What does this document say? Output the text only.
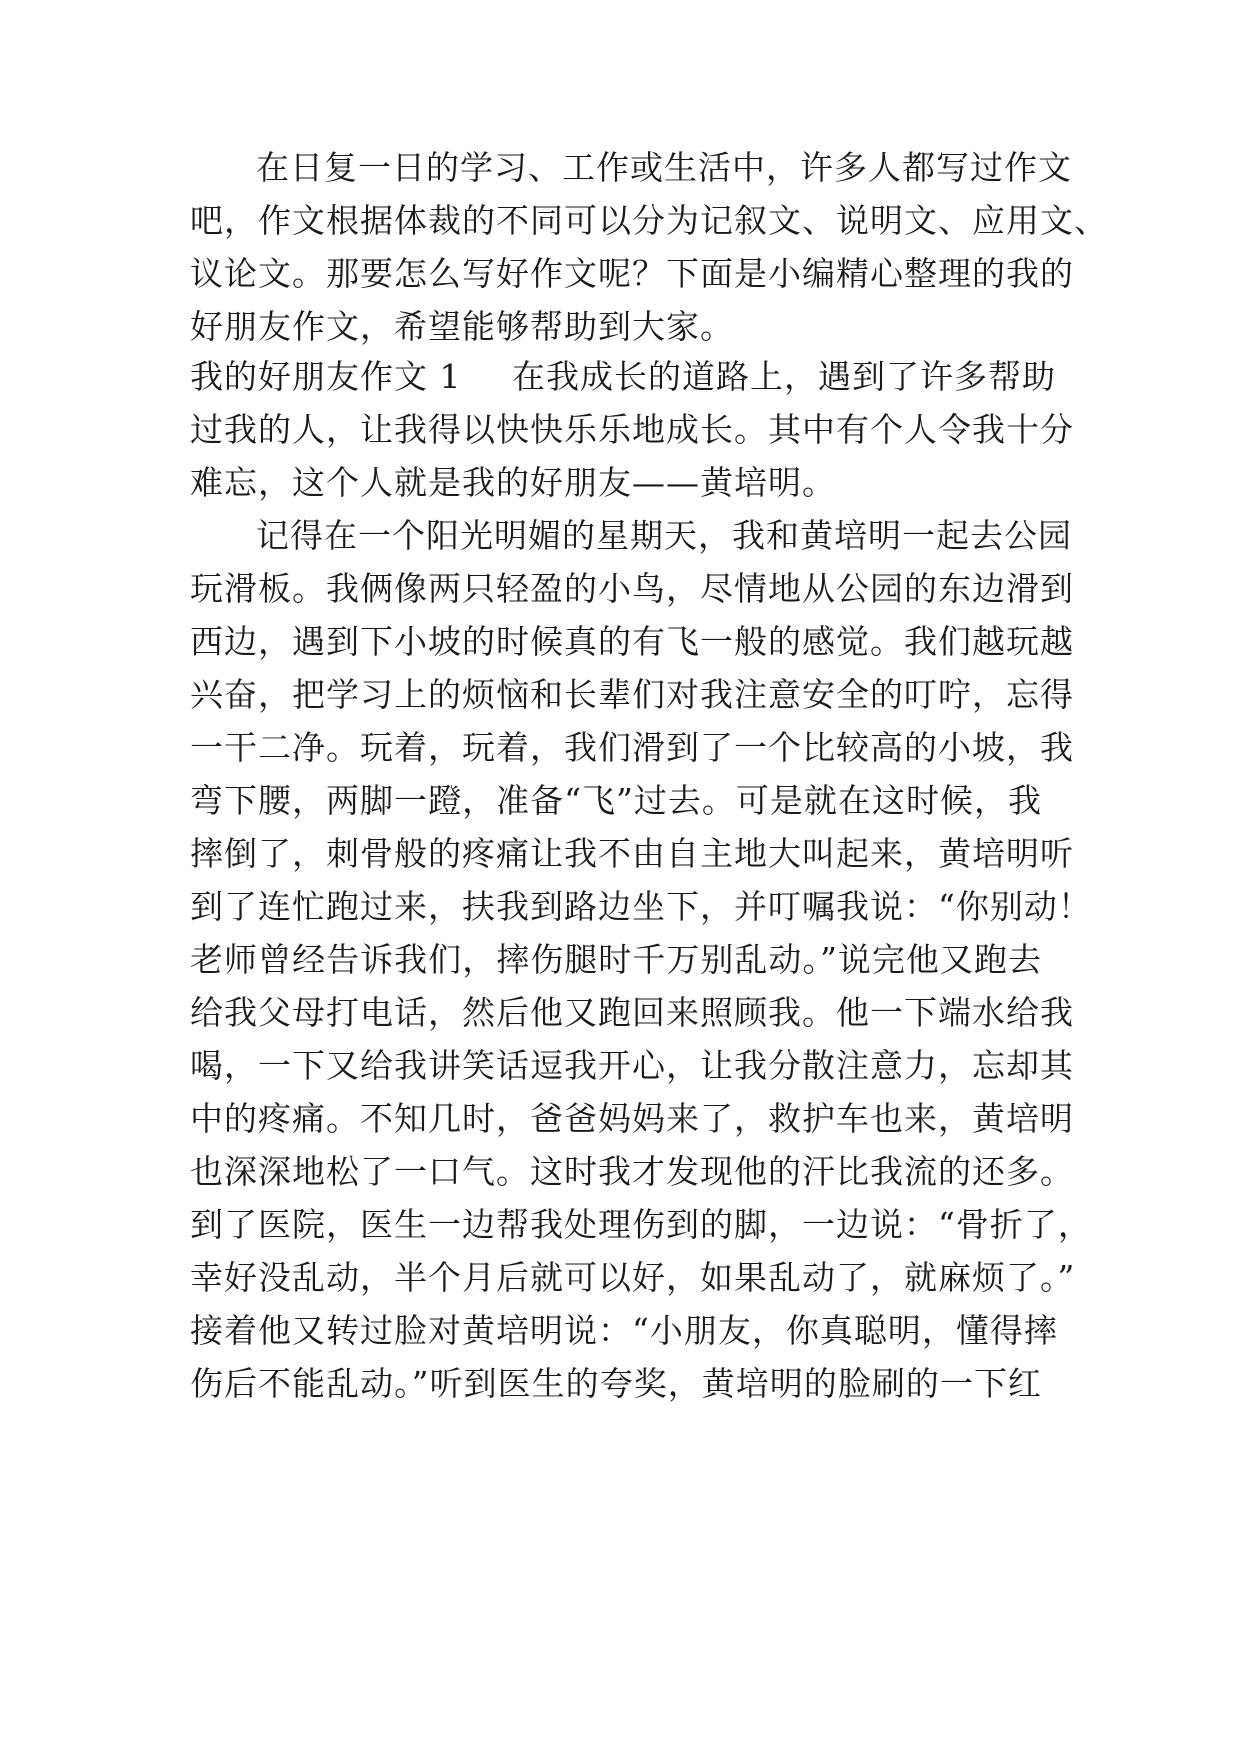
在日复一日的学习、工作或生活中，许多人都写过作文
吧，作文根据体裁的不同可以分为记叙文、说明文、应用文、
议论文。那要怎么写好作文呢？下面是小编精心整理的我的
好朋友作文，希望能够帮助到大家。
我的好朋友作文 1 在我成长的道路上，遇到了许多帮助
过我的人，让我得以快快乐乐地成长。其中有个人令我十分
难忘，这个人就是我的好朋友——黄培明。
记得在一个阳光明媚的星期天，我和黄培明一起去公园
玩滑板。我俩像两只轻盈的小鸟，尽情地从公园的东边滑到
西边，遇到下小坡的时候真的有飞一般的感觉。我们越玩越
兴奋，把学习上的烦恼和长辈们对我注意安全的叮咛，忘得
一干二净。玩着，玩着，我们滑到了一个比较高的小坡，我
弯下腰，两脚一蹬，准备“飞”过去。可是就在这时候，我
摔倒了，刺骨般的疼痛让我不由自主地大叫起来，黄培明听
到了连忙跑过来，扶我到路边坐下，并叮嘱我说：“你别动！
老师曾经告诉我们，摔伤腿时千万别乱动。”说完他又跑去
给我父母打电话，然后他又跑回来照顾我。他一下端水给我
喝，一下又给我讲笑话逗我开心，让我分散注意力，忘却其
中的疼痛。不知几时，爸爸妈妈来了，救护车也来，黄培明
也深深地松了一口气。这时我才发现他的汗比我流的还多。
到了医院，医生一边帮我处理伤到的脚，一边说：“骨折了，
幸好没乱动，半个月后就可以好，如果乱动了，就麻烦了。”
接着他又转过脸对黄培明说：“小朋友，你真聪明，懂得摔
伤后不能乱动。”听到医生的夸奖，黄培明的脸刷的一下红
